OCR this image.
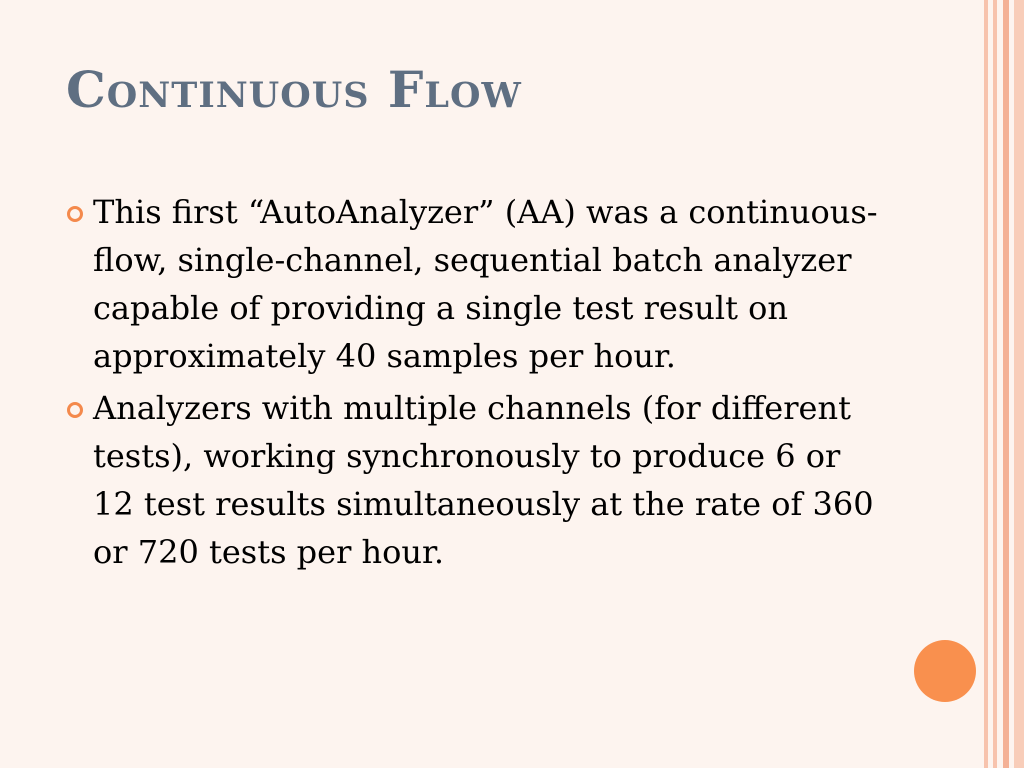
Continuous Flow
This first “AutoAnalyzer” (AA) was a continuous-flow, single-channel, sequential batch analyzer capable of providing a single test result on approximately 40 samples per hour.
Analyzers with multiple channels (for different tests), working synchronously to produce 6 or 12 test results simultaneously at the rate of 360 or 720 tests per hour.
